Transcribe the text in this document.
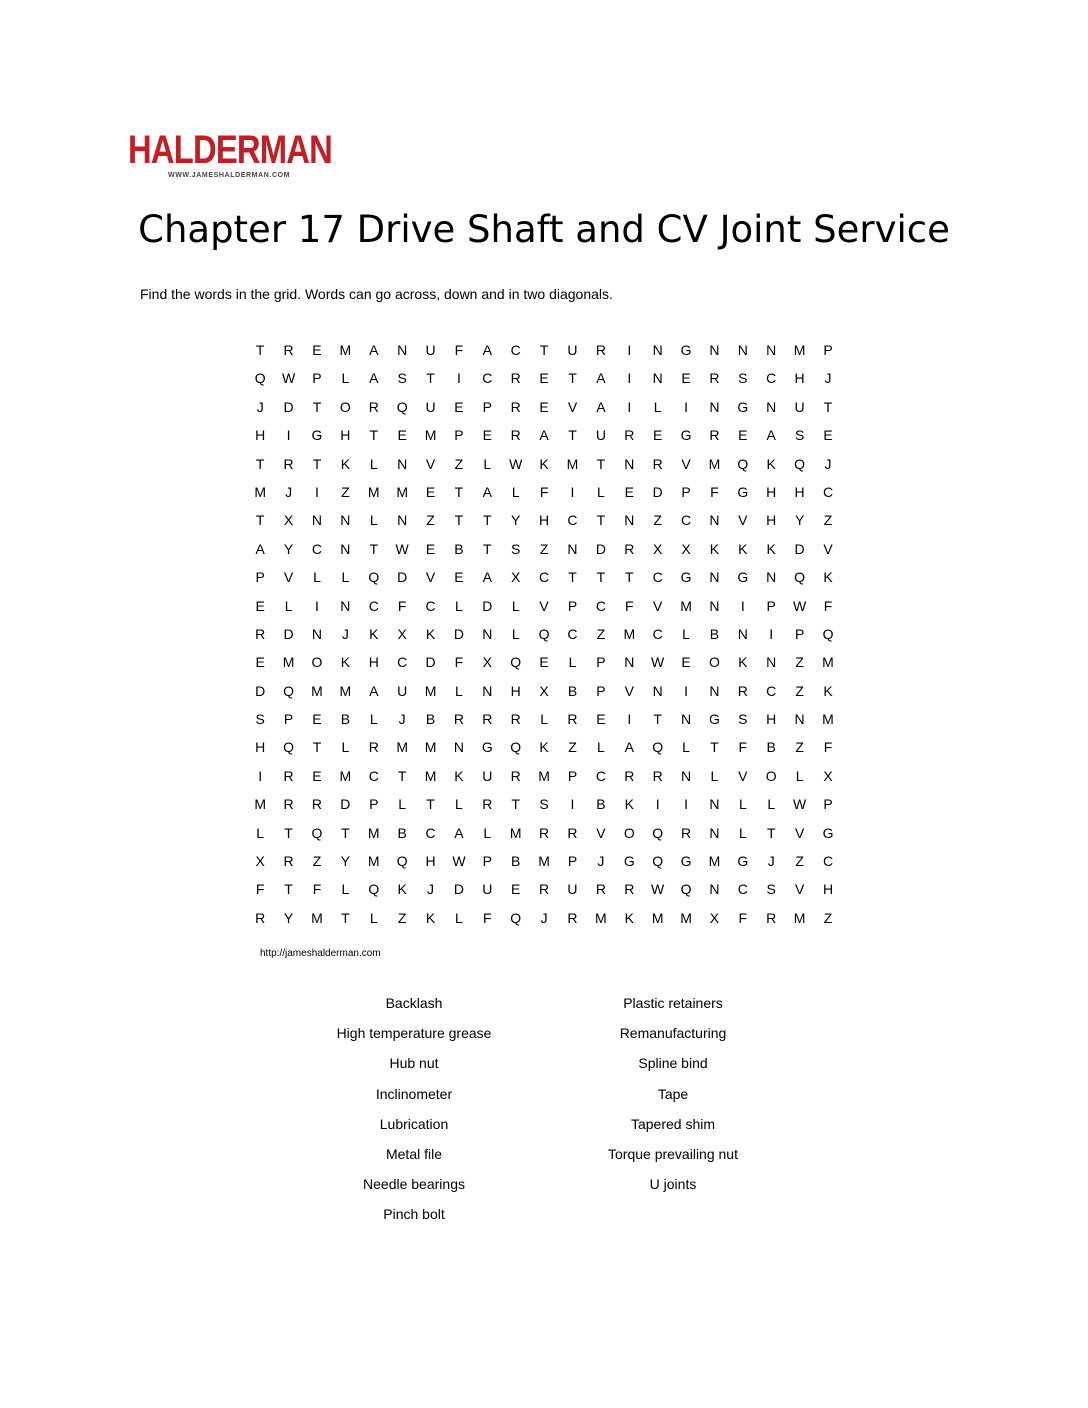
HALDERMAN
WWW.JAMESHALDERMAN.COM
Chapter 17 Drive Shaft and CV Joint Service
Find the words in the grid. Words can go across, down and in two diagonals.
T	R	E	M	A	N	U	F	A	C	T	U	R	I	N	G	N	N	N	M	P
Q	W	P	L	A	S	T	I	C	R	E	T	A	I	N	E	R	S	C	H	J
J	D	T	O	R	Q	U	E	P	R	E	V	A	I	L	I	N	G	N	U	T
H	I	G	H	T	E	M	P	E	R	A	T	U	R	E	G	R	E	A	S	E
T	R	T	K	L	N	V	Z	L	W	K	M	T	N	R	V	M	Q	K	Q	J
M	J	I	Z	M	M	E	T	A	L	F	I	L	E	D	P	F	G	H	H	C
T	X	N	N	L	N	Z	T	T	Y	H	C	T	N	Z	C	N	V	H	Y	Z
A	Y	C	N	T	W	E	B	T	S	Z	N	D	R	X	X	K	K	K	D	V
P	V	L	L	Q	D	V	E	A	X	C	T	T	T	C	G	N	G	N	Q	K
E	L	I	N	C	F	C	L	D	L	V	P	C	F	V	M	N	I	P	W	F
R	D	N	J	K	X	K	D	N	L	Q	C	Z	M	C	L	B	N	I	P	Q
E	M	O	K	H	C	D	F	X	Q	E	L	P	N	W	E	O	K	N	Z	M
D	Q	M	M	A	U	M	L	N	H	X	B	P	V	N	I	N	R	C	Z	K
S	P	E	B	L	J	B	R	R	R	L	R	E	I	T	N	G	S	H	N	M
H	Q	T	L	R	M	M	N	G	Q	K	Z	L	A	Q	L	T	F	B	Z	F
I	R	E	M	C	T	M	K	U	R	M	P	C	R	R	N	L	V	O	L	X
M	R	R	D	P	L	T	L	R	T	S	I	B	K	I	I	N	L	L	W	P
L	T	Q	T	M	B	C	A	L	M	R	R	V	O	Q	R	N	L	T	V	G
X	R	Z	Y	M	Q	H	W	P	B	M	P	J	G	Q	G	M	G	J	Z	C
F	T	F	L	Q	K	J	D	U	E	R	U	R	R	W	Q	N	C	S	V	H
R	Y	M	T	L	Z	K	L	F	Q	J	R	M	K	M	M	X	F	R	M	Z
http://jameshalderman.com
Backlash
High temperature grease
Hub nut
Inclinometer
Lubrication
Metal file
Needle bearings
Pinch bolt
Plastic retainers
Remanufacturing
Spline bind
Tape
Tapered shim
Torque prevailing nut
U joints
